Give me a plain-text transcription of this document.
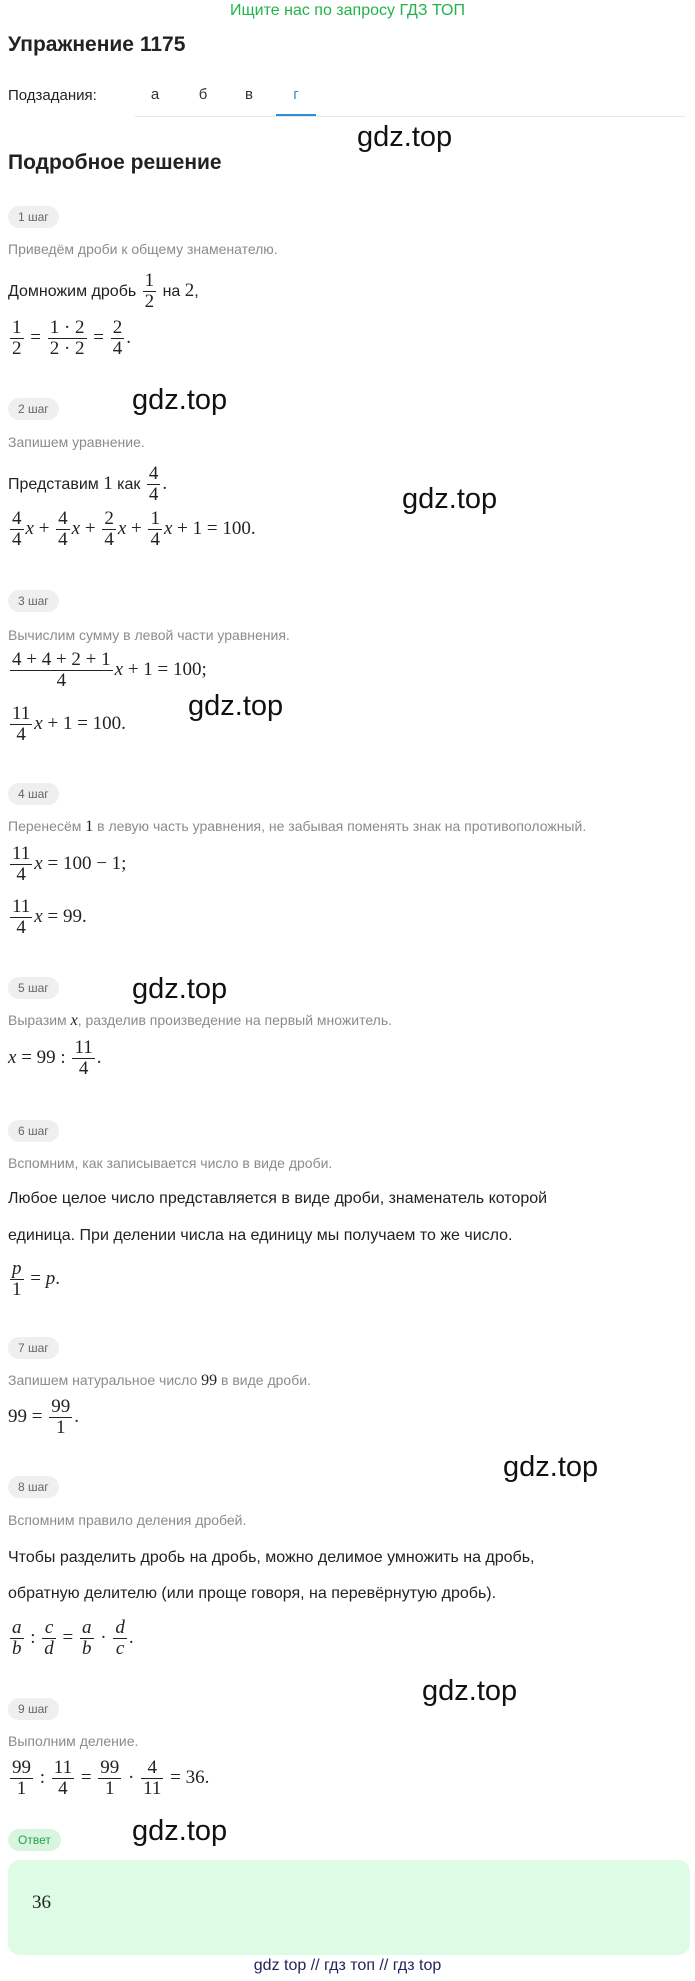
Ищите нас по запросу ГДЗ ТОП
Упражнение 1175
Подзадания:	а	б	в	г
gdz.top
Подробное решение
1 шаг
Приведём дроби к общему знаменателю.
Домножим дробь $\frac{1}{2}$ на 2,
$\frac{1}{2} = \frac{1 \cdot 2}{2 \cdot 2} = \frac{2}{4}$ .
2 шаг	gdz.top
Запишем уравнение.
Представим 1 как $\frac{4}{4}$ .	gdz.top
$\frac{4}{4}$ $x + \frac{4}{4}$ $x + \frac{2}{4}$ $x + \frac{1}{4}$ x + 1 = 100.
3 шаг
Вычислим сумму в левой части уравнения.
$\frac{4 + 4 + 2 + 1}{4}$ x + 1 = 100;
gdz.top
$\frac{11}{4}$ x + 1 = 100.
4 шаг
Перенесём 1 в левую часть уравнения, не забывая поменять знак на противоположный.
$\frac{11}{4}$ x = 100 − 1;
$\frac{11}{4}$ x = 99.
5 шаг	gdz.top
Выразим x, разделив произведение на первый множитель.
x = 99 : $\frac{11}{4}$ .
6 шаг
Вспомним, как записывается число в виде дроби.
Любое целое число представляется в виде дроби, знаменатель которой
единица. При делении числа на единицу мы получаем то же число.
$\frac{p}{1} = p$.
7 шаг
Запишем натуральное число 99 в виде дроби.
$99 = \frac{99}{1}$ .
gdz.top
8 шаг
Вспомним правило деления дробей.
Чтобы разделить дробь на дробь, можно делимое умножить на дробь,
обратную делителю (или проще говоря, на перевёрнутую дробь).
$\frac{a}{b}$ : $\frac{c}{d} = \frac{a}{b} \cdot \frac{d}{c}$ .
gdz.top
9 шаг
Выполним деление.
$\frac{99}{1}$ : $\frac{11}{4} = \frac{99}{1} \cdot \frac{4}{11} = 36$.
Ответ	gdz.top
36
gdz top // гдз топ // гдз top
